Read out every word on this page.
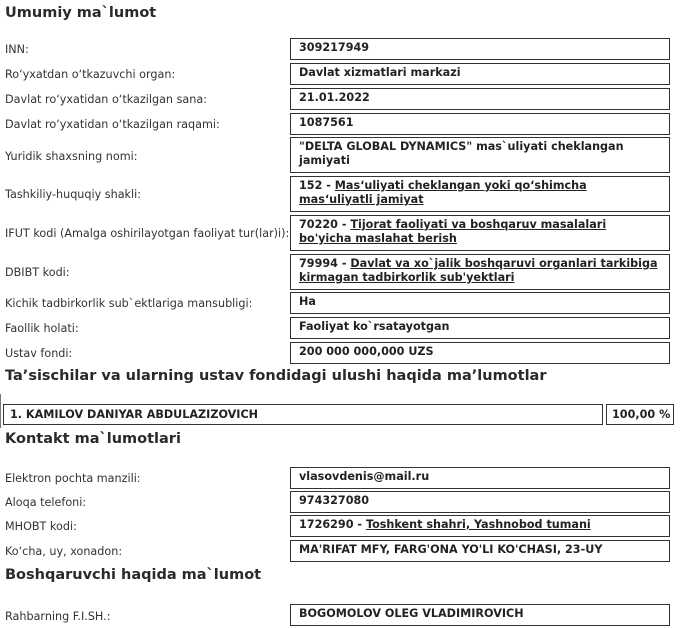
Umumiy ma`lumot
INN:	309217949
Ro‘yxatdan o‘tkazuvchi organ:	Davlat xizmatlari markazi
Davlat ro‘yxatidan o‘tkazilgan sana:	21.01.2022
Davlat ro‘yxatidan o‘tkazilgan raqami:	1087561
Yuridik shaxsning nomi:
"DELTA GLOBAL DYNAMICS" mas`uliyati cheklangan jamiyati
Tashkiliy-huquqiy shakli:
152 - Mas‘uliyati cheklangan yoki qo‘shimcha mas‘uliyatli jamiyat
IFUT kodi (Amalga oshirilayotgan faoliyat tur(lar)i):
70220 - Tijorat faoliyati va boshqaruv masalalari bo'yicha maslahat berish
DBIBT kodi:
79994 - Davlat va xo`jalik boshqaruvi organlari tarkibiga kirmagan tadbirkorlik sub'yektlari
Kichik tadbirkorlik sub`ektlariga mansubligi:	Ha
Faollik holati:	Faoliyat ko`rsatayotgan
Ustav fondi:	200 000 000,000 UZS
Ta’sischilar va ularning ustav fondidagi ulushi haqida ma’lumotlar
1. KAMILOV DANIYAR ABDULAZIZOVICH	100,00 %
Kontakt ma`lumotlari
Elektron pochta manzili:	vlasovdenis@mail.ru
Aloqa telefoni:	974327080
MHOBT kodi:	1726290 - Toshkent shahri, Yashnobod tumani
Ko‘cha, uy, xonadon:	MA'RIFAT MFY, FARG'ONA YO'LI KO'CHASI, 23-UY
Boshqaruvchi haqida ma`lumot
Rahbarning F.I.SH.:	BOGOMOLOV OLEG VLADIMIROVICH
